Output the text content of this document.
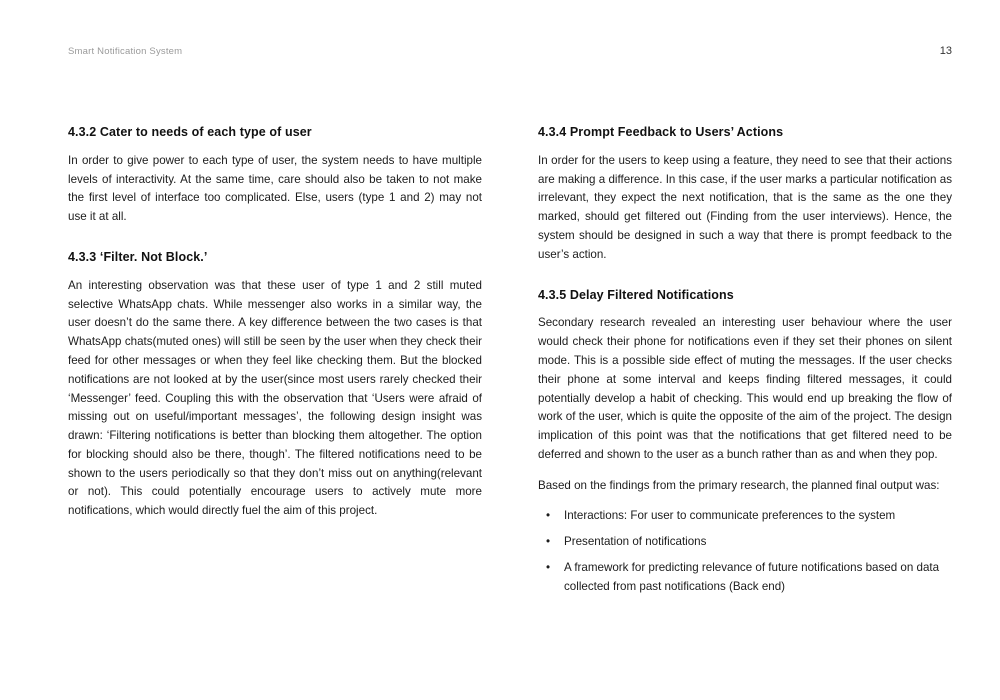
Smart Notification System	13
4.3.2 Cater to needs of each type of user

In order to give power to each type of user, the system needs to have multiple levels of interactivity. At the same time, care should also be taken to not make the first level of interface too complicated. Else, users (type 1 and 2) may not use it at all.

4.3.3 ‘Filter. Not Block.’

An interesting observation was that these user of type 1 and 2 still muted selective WhatsApp chats. While messenger also works in a similar way, the user doesn’t do the same there. A key difference between the two cases is that WhatsApp chats(muted ones) will still be seen by the user when they check their feed for other messages or when they feel like checking them. But the blocked notifications are not looked at by the user(since most users rarely checked their ‘Messenger’ feed. Coupling this with the observation that ‘Users were afraid of missing out on useful/important messages’, the following design insight was drawn: ‘Filtering notifications is better than blocking them altogether. The option for blocking should also be there, though’. The filtered notifications need to be shown to the users periodically so that they don’t miss out on anything(relevant or not). This could potentially encourage users to actively mute more notifications, which would directly fuel the aim of this project.

4.3.4 Prompt Feedback to Users’ Actions

In order for the users to keep using a feature, they need to see that their actions are making a difference. In this case, if the user marks a particular notification as irrelevant, they expect the next notification, that is the same as the one they marked, should get filtered out (Finding from the user interviews). Hence, the system should be designed in such a way that there is prompt feedback to the user’s action.

4.3.5 Delay Filtered Notifications

Secondary research revealed an interesting user behaviour where the user would check their phone for notifications even if they set their phones on silent mode. This is a possible side effect of muting the messages. If the user checks their phone at some interval and keeps finding filtered messages, it could potentially develop a habit of checking. This would end up breaking the flow of work of the user, which is quite the opposite of the aim of the project. The design implication of this point was that the notifications that get filtered need to be deferred and shown to the user as a bunch rather than as and when they pop.

Based on the findings from the primary research, the planned final output was:

• Interactions: For user to communicate preferences to the system
• Presentation of notifications
• A framework for predicting relevance of future notifications based on data collected from past notifications (Back end)
